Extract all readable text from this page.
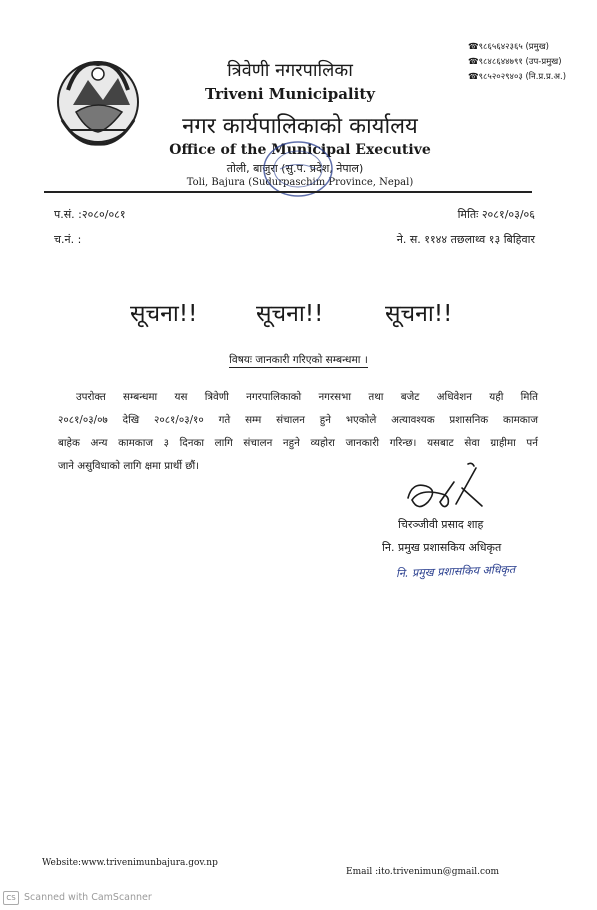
☎९८६५६४२३६५ (प्रमुख)
☎९८४८६४४७९१ (उप-प्रमुख)
☎९८५२०२९४०३ (नि.प्र.प्र.अ.)
त्रिवेणी नगरपालिका
Triveni Municipality
नगर कार्यपालिकाको कार्यालय
Office of the Municipal Executive
तोली, बाजुरा (सु.प. प्रदेश, नेपाल)
Toli, Bajura (Sudurpaschim Province, Nepal)
प.सं. :२०८०/०८१
च.नं. :
मितिः २०८१/०३/०६
ने. स. ११४४ तछलाथ्व १३ बिहिवार
सूचना!!	सूचना!!	सूचना!!
विषयः जानकारी गरिएको सम्बन्धमा ।
उपरोक्त सम्बन्धमा यस त्रिवेणी नगरपालिकाको नगरसभा तथा बजेट अधिवेशन यही मिति
२०८१/०३/०७ देखि २०८१/०३/१० गते सम्म संचालन हुने भएकोले अत्यावश्यक प्रशासनिक कामकाज
बाहेक अन्य कामकाज ३ दिनका लागि संचालन नहुने व्यहोरा जानकारी गरिन्छ। यसबाट सेवा ग्राहीमा पर्न
जाने असुविधाको लागि क्षमा प्रार्थी छौं।
चिरञ्जीवी प्रसाद शाह
नि. प्रमुख प्रशासकिय अधिकृत
नि. प्रमुख प्रशासकिय अधिकृत
Website:www.trivenimunbajura.gov.np
Email :ito.trivenimun@gmail.com
CS Scanned with CamScanner
